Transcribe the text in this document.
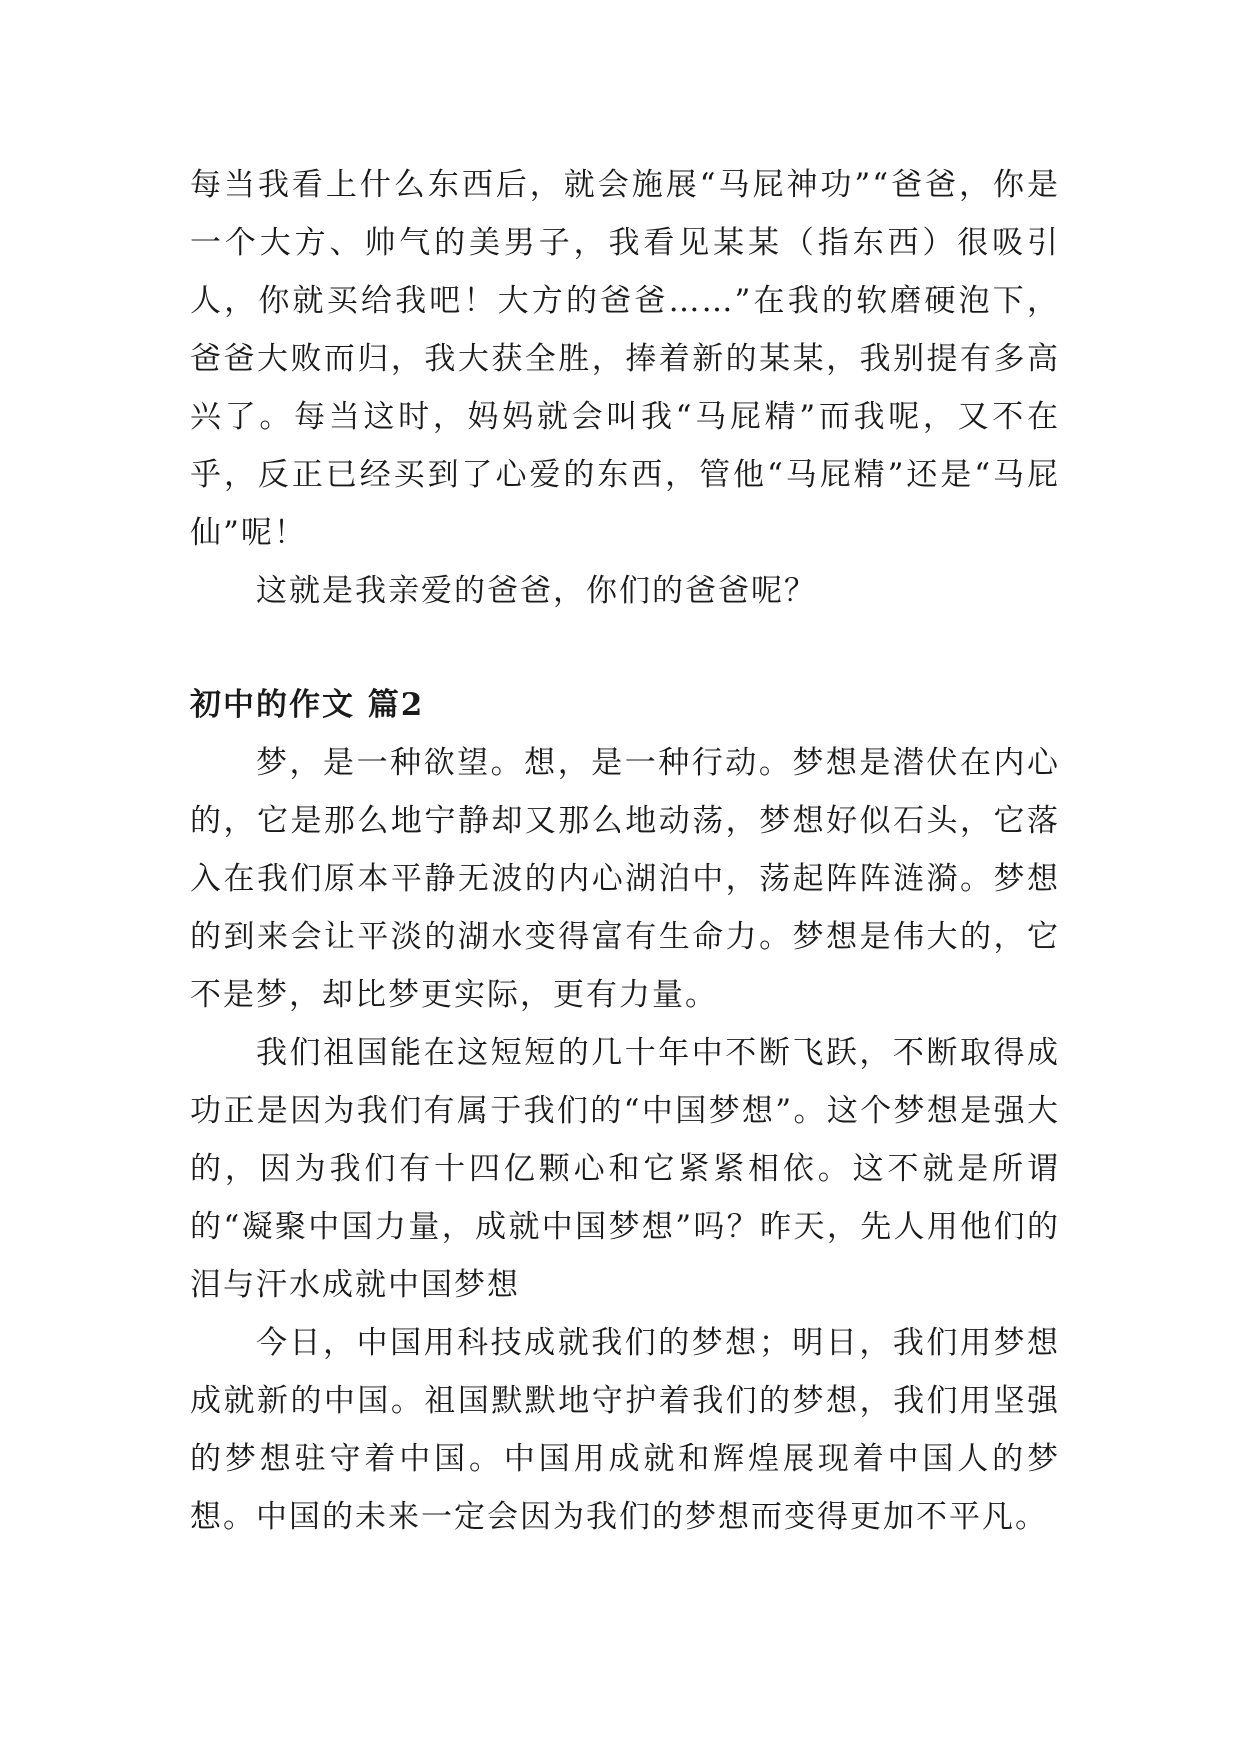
每当我看上什么东西后，就会施展“马屁神功”“爸爸，你是一个大方、帅气的美男子，我看见某某（指东西）很吸引人，你就买给我吧！大方的爸爸……”在我的软磨硬泡下，爸爸大败而归，我大获全胜，捧着新的某某，我别提有多高兴了。每当这时，妈妈就会叫我“马屁精”而我呢，又不在乎，反正已经买到了心爱的东西，管他“马屁精”还是“马屁仙”呢！

这就是我亲爱的爸爸，你们的爸爸呢？

初中的作文 篇2

梦，是一种欲望。想，是一种行动。梦想是潜伏在内心的，它是那么地宁静却又那么地动荡，梦想好似石头，它落入在我们原本平静无波的内心湖泊中，荡起阵阵涟漪。梦想的到来会让平淡的湖水变得富有生命力。梦想是伟大的，它不是梦，却比梦更实际，更有力量。

我们祖国能在这短短的几十年中不断飞跃，不断取得成功正是因为我们有属于我们的“中国梦想”。这个梦想是强大的，因为我们有十四亿颗心和它紧紧相依。这不就是所谓的“凝聚中国力量，成就中国梦想”吗？昨天，先人用他们的泪与汗水成就中国梦想

今日，中国用科技成就我们的梦想；明日，我们用梦想成就新的中国。祖国默默地守护着我们的梦想，我们用坚强的梦想驻守着中国。中国用成就和辉煌展现着中国人的梦想。中国的未来一定会因为我们的梦想而变得更加不平凡。
